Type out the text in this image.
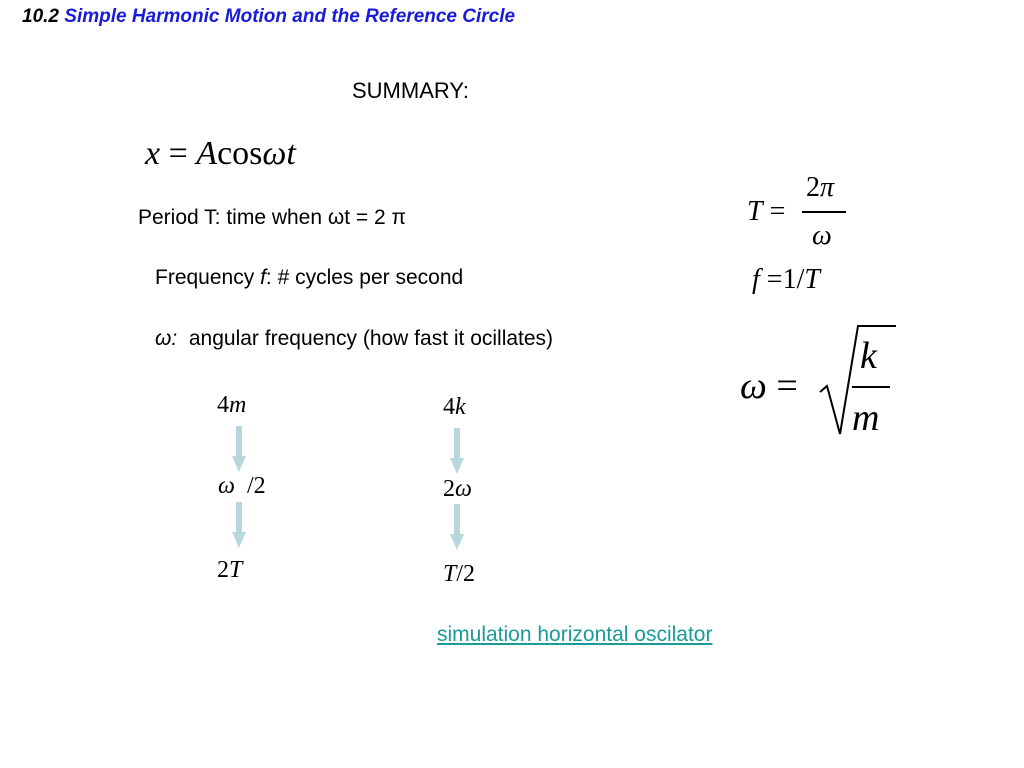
10.2 Simple Harmonic Motion and the Reference Circle
SUMMARY:
x = Acosωt
Period T: time when ωt = 2 π
Frequency f: # cycles per second
ω: angular frequency (how fast it ocillates)
T =
2π
ω
f =1/T
ω =
k
m
4m
ω /2
2T
4k
2ω
T/2
simulation horizontal oscilator
